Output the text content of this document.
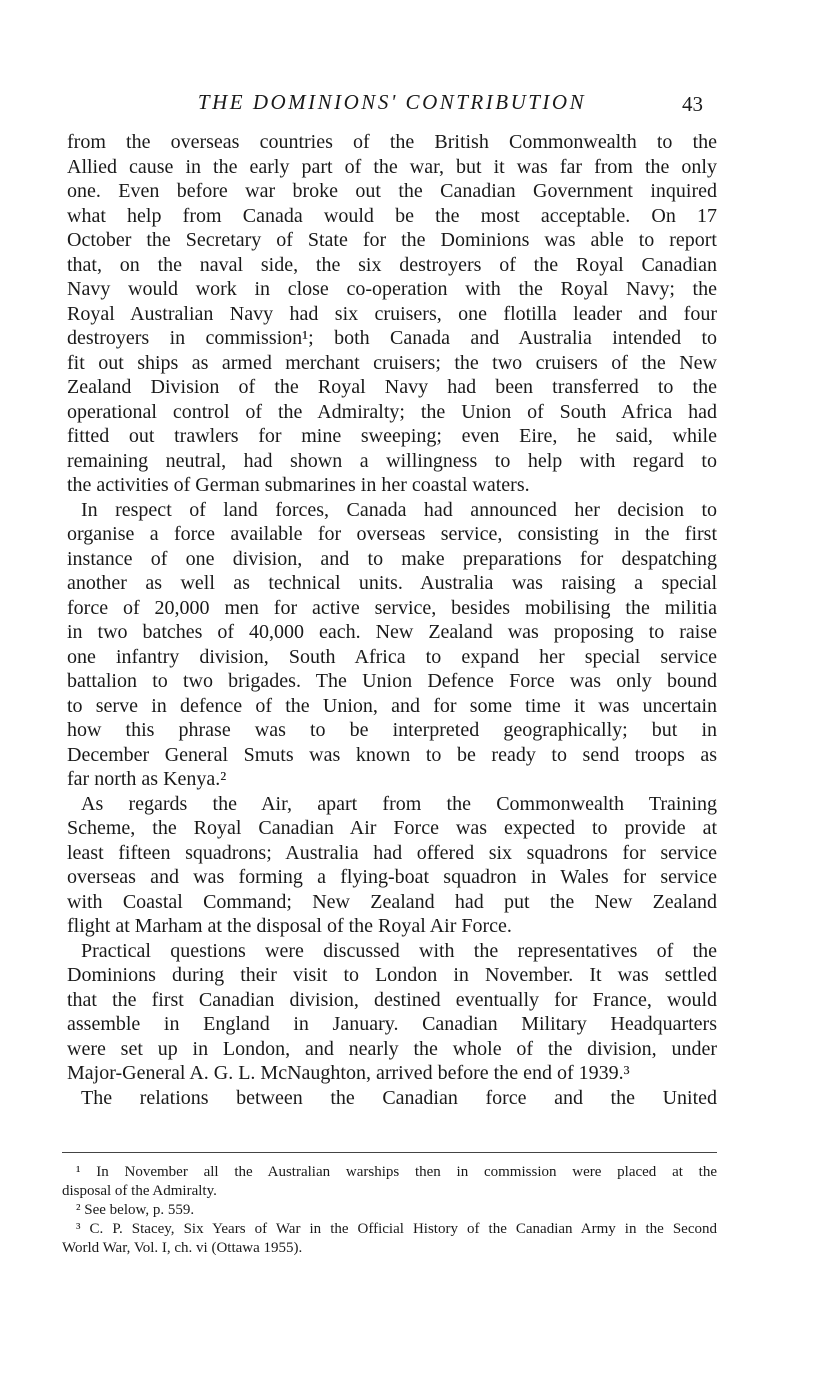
THE DOMINIONS' CONTRIBUTION	43
from the overseas countries of the British Commonwealth to the
Allied cause in the early part of the war, but it was far from the only
one. Even before war broke out the Canadian Government inquired
what help from Canada would be the most acceptable. On 17
October the Secretary of State for the Dominions was able to report
that, on the naval side, the six destroyers of the Royal Canadian
Navy would work in close co-operation with the Royal Navy; the
Royal Australian Navy had six cruisers, one flotilla leader and four
destroyers in commission¹; both Canada and Australia intended to
fit out ships as armed merchant cruisers; the two cruisers of the New
Zealand Division of the Royal Navy had been transferred to the
operational control of the Admiralty; the Union of South Africa had
fitted out trawlers for mine sweeping; even Eire, he said, while
remaining neutral, had shown a willingness to help with regard to
the activities of German submarines in her coastal waters.
In respect of land forces, Canada had announced her decision to
organise a force available for overseas service, consisting in the first
instance of one division, and to make preparations for despatching
another as well as technical units. Australia was raising a special
force of 20,000 men for active service, besides mobilising the militia
in two batches of 40,000 each. New Zealand was proposing to raise
one infantry division, South Africa to expand her special service
battalion to two brigades. The Union Defence Force was only bound
to serve in defence of the Union, and for some time it was uncertain
how this phrase was to be interpreted geographically; but in
December General Smuts was known to be ready to send troops as
far north as Kenya.²
As regards the Air, apart from the Commonwealth Training
Scheme, the Royal Canadian Air Force was expected to provide at
least fifteen squadrons; Australia had offered six squadrons for service
overseas and was forming a flying-boat squadron in Wales for service
with Coastal Command; New Zealand had put the New Zealand
flight at Marham at the disposal of the Royal Air Force.
Practical questions were discussed with the representatives of the
Dominions during their visit to London in November. It was settled
that the first Canadian division, destined eventually for France, would
assemble in England in January. Canadian Military Headquarters
were set up in London, and nearly the whole of the division, under
Major-General A. G. L. McNaughton, arrived before the end of 1939.³
The relations between the Canadian force and the United
¹ In November all the Australian warships then in commission were placed at the
disposal of the Admiralty.
² See below, p. 559.
³ C. P. Stacey, Six Years of War in the Official History of the Canadian Army in the Second
World War, Vol. I, ch. vi (Ottawa 1955).
